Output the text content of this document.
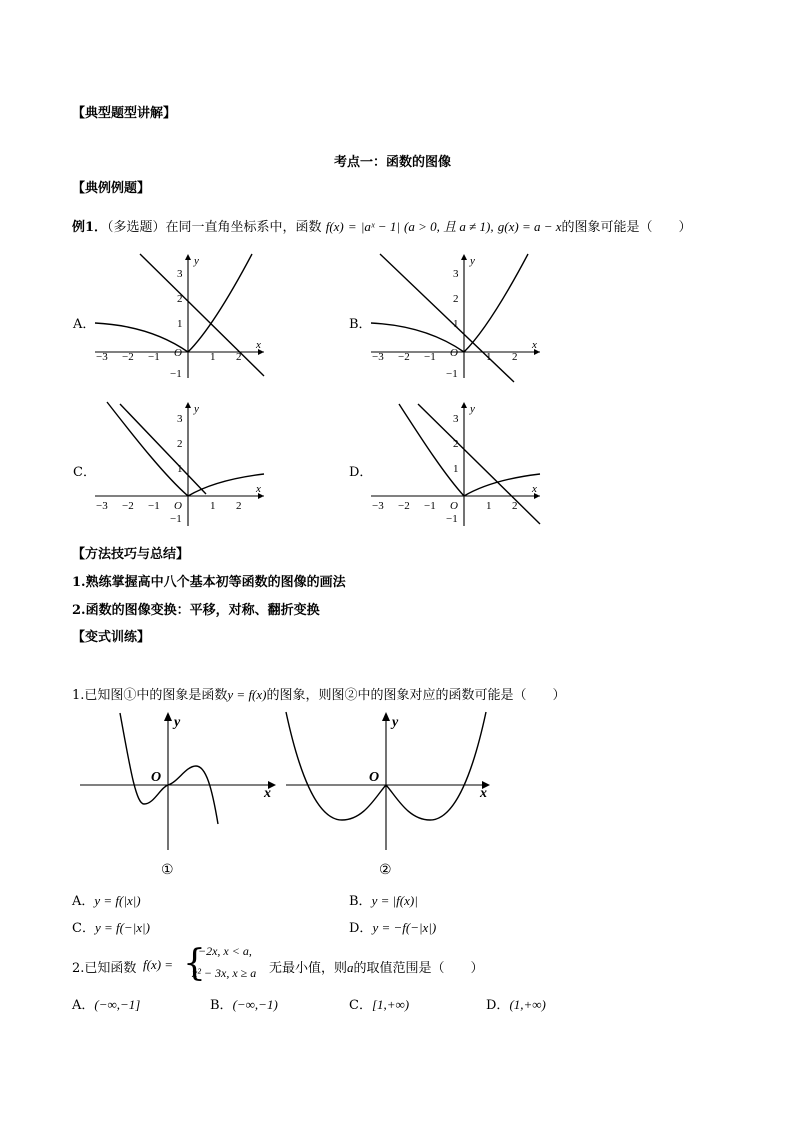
【典型题型讲解】
考点一：函数的图像
【典例例题】
例1．（多选题）在同一直角坐标系中，函数 f(x) = |aˣ − 1| (a > 0, 且 a ≠ 1), g(x) = a − x的图象可能是（　　）
A．	B．
C．	D．
y
x
O
−3 −2 −1	1 2
3
2
1
−1
y
x
O
−3 −2 −1	1 2
3
2
1
−1
y
x
O
−3 −2 −1	1 2
3
2
1
−1
y
x
O
−3 −2 −1	1 2
3
2
1
−1
【方法技巧与总结】
1.熟练掌握高中八个基本初等函数的图像的画法
2.函数的图像变换：平移，对称、翻折变换
【变式训练】
1.已知图①中的图象是函数y = f(x)的图象，则图②中的图象对应的函数可能是（　　）
y
x
O
①
y
x
O
②
A．y = f(|x|)	B．y = |f(x)|
C．y = f(−|x|)	D．y = −f(−|x|)
2.已知函数 f(x) = {
−2x, x < a,
x² − 3x, x ≥ a 无最小值，则a的取值范围是（　　）
A．(−∞,−1]	B．(−∞,−1)	C．[1,+∞)	D．(1,+∞)
